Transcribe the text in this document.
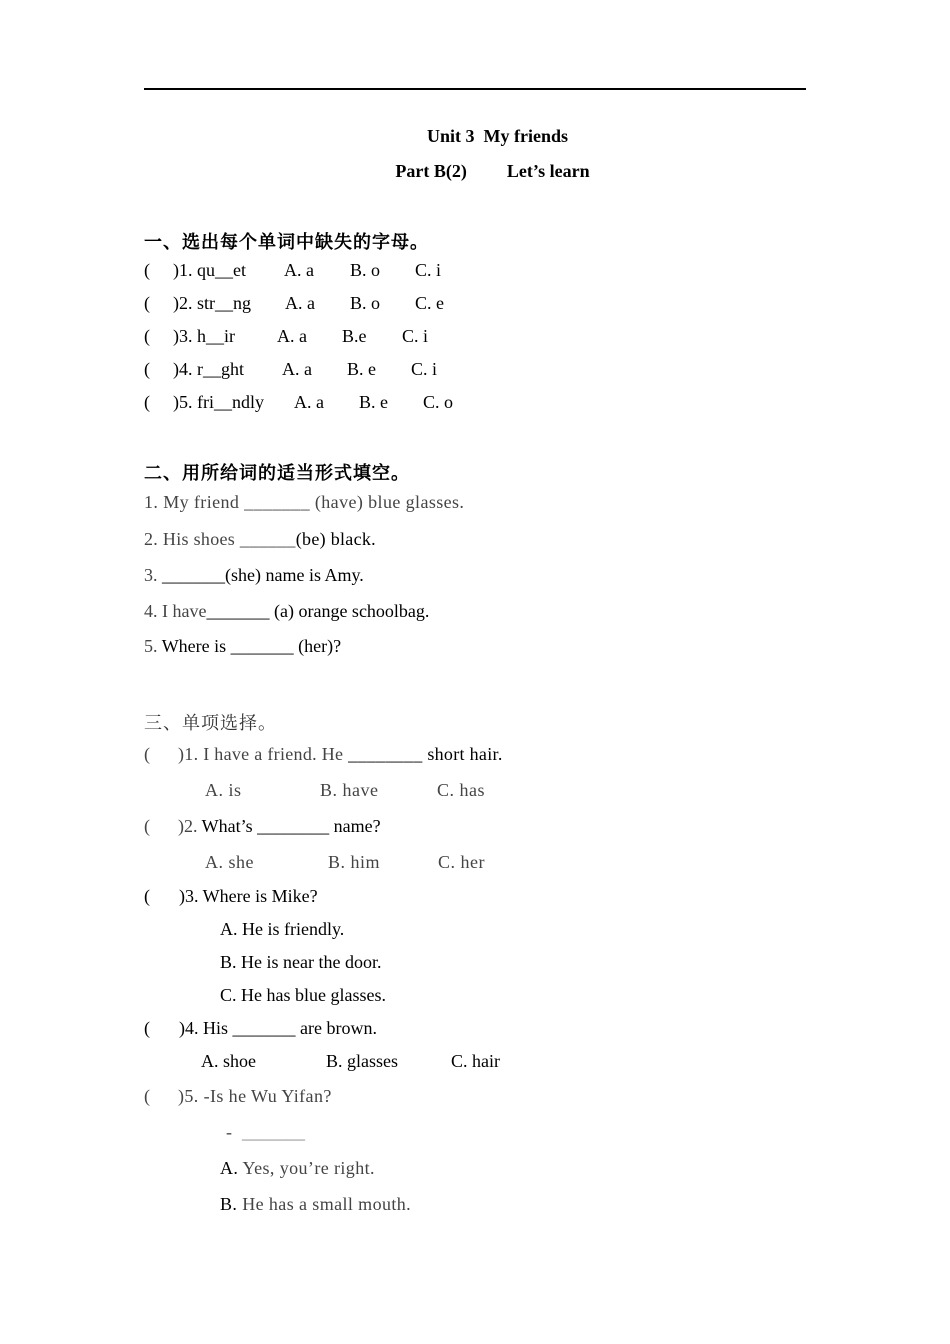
Unit 3  My friends
Part B(2) Let’s learn
一、选出每个单词中缺失的字母。
( )1. qu__et A. a B. o C. i
( )2. str__ng A. a B. o C. e
( )3. h__ir A. a B.e C. i
( )4. r__ght A. a B. e C. i
( )5. fri__ndly A. a B. e C. o
二、用所给词的适当形式填空。
1. My friend _______ (have) blue glasses.
2. His shoes ______(be) black.
3. _______(she) name is Amy.
4. I have_______ (a) orange schoolbag.
5. Where is _______ (her)?
三、单项选择。
( )1. I have a friend. He ________ short hair.
A. is	B. have	C. has
( )2. What’s ________ name?
A. she	B. him	C. her
( )3. Where is Mike?
A. He is friendly.
B. He is near the door.
C. He has blue glasses.
( )4. His _______ are brown.
A. shoe	B. glasses	C. hair
( )5. -Is he Wu Yifan?
- _______
A. Yes, you’re right.
B. He has a small mouth.
